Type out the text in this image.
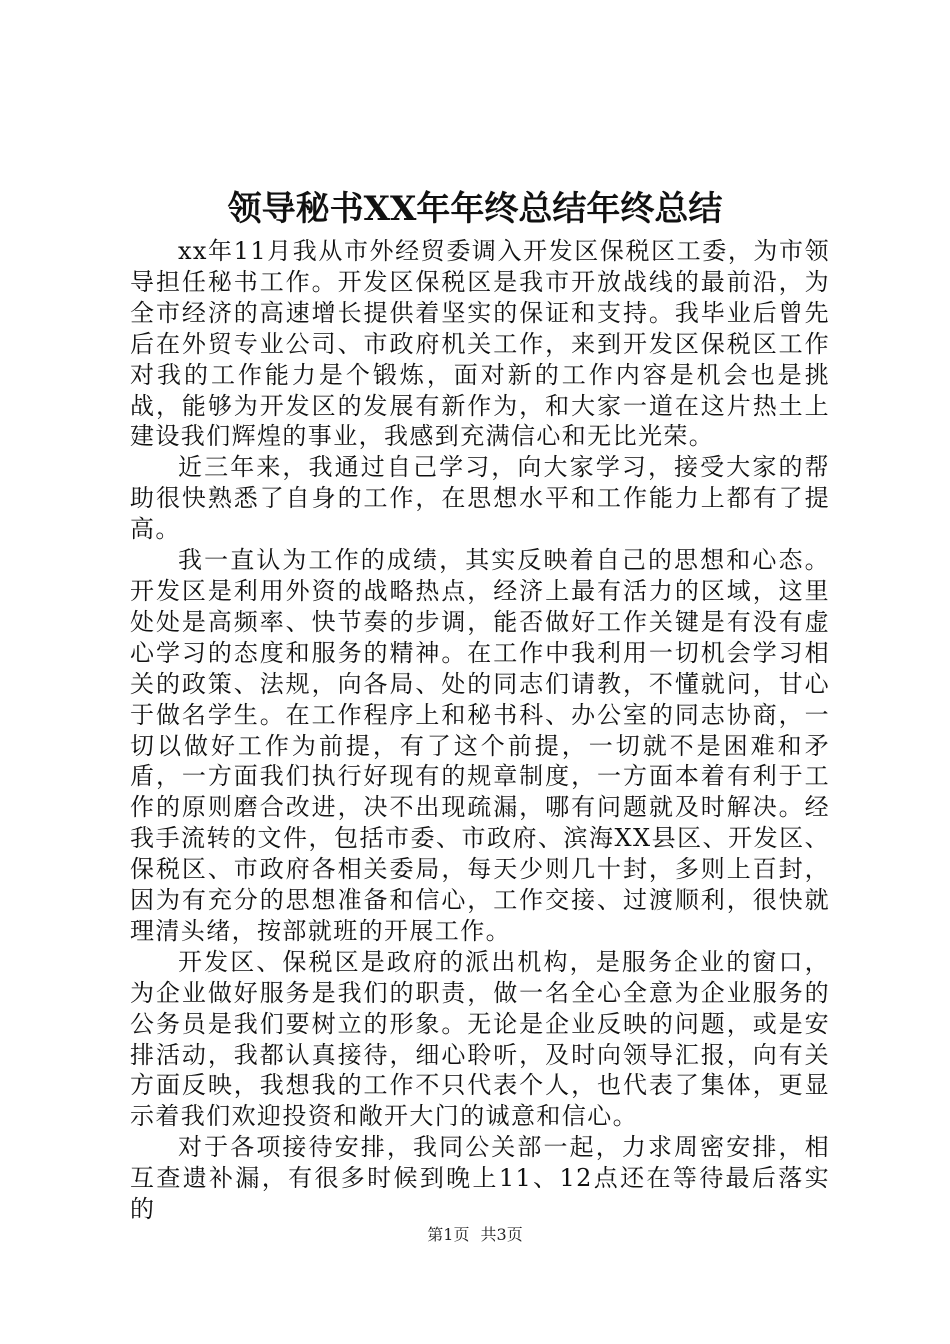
领导秘书XX年年终总结年终总结

xx年11月我从市外经贸委调入开发区保税区工委，为市领导担任秘书工作。开发区保税区是我市开放战线的最前沿，为全市经济的高速增长提供着坚实的保证和支持。我毕业后曾先后在外贸专业公司、市政府机关工作，来到开发区保税区工作对我的工作能力是个锻炼，面对新的工作内容是机会也是挑战，能够为开发区的发展有新作为，和大家一道在这片热土上建设我们辉煌的事业，我感到充满信心和无比光荣。

近三年来，我通过自己学习，向大家学习，接受大家的帮助很快熟悉了自身的工作，在思想水平和工作能力上都有了提高。

我一直认为工作的成绩，其实反映着自己的思想和心态。开发区是利用外资的战略热点，经济上最有活力的区域，这里处处是高频率、快节奏的步调，能否做好工作关键是有没有虚心学习的态度和服务的精神。在工作中我利用一切机会学习相关的政策、法规，向各局、处的同志们请教，不懂就问，甘心于做名学生。在工作程序上和秘书科、办公室的同志协商，一切以做好工作为前提，有了这个前提，一切就不是困难和矛盾，一方面我们执行好现有的规章制度，一方面本着有利于工作的原则磨合改进，决不出现疏漏，哪有问题就及时解决。经我手流转的文件，包括市委、市政府、滨海XX县区、开发区、保税区、市政府各相关委局，每天少则几十封，多则上百封，因为有充分的思想准备和信心，工作交接、过渡顺利，很快就理清头绪，按部就班的开展工作。

开发区、保税区是政府的派出机构，是服务企业的窗口，为企业做好服务是我们的职责，做一名全心全意为企业服务的公务员是我们要树立的形象。无论是企业反映的问题，或是安排活动，我都认真接待，细心聆听，及时向领导汇报，向有关方面反映，我想我的工作不只代表个人，也代表了集体，更显示着我们欢迎投资和敞开大门的诚意和信心。

对于各项接待安排，我同公关部一起，力求周密安排，相互查遗补漏，有很多时候到晚上11、12点还在等待最后落实的

第1页 共3页
